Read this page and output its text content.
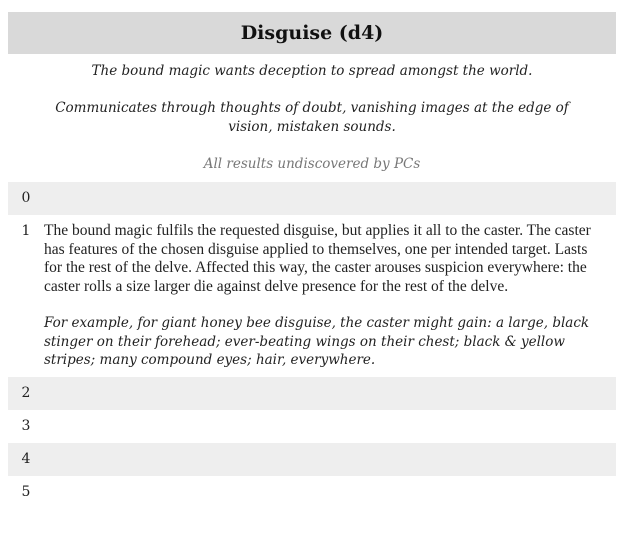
Disguise (d4)

The bound magic wants deception to spread amongst the world.

Communicates through thoughts of doubt, vanishing images at the edge of vision, mistaken sounds.

All results undiscovered by PCs

0
1 The bound magic fulfils the requested disguise, but applies it all to the caster. The caster has features of the chosen disguise applied to themselves, one per intended target. Lasts for the rest of the delve. Affected this way, the caster arouses suspicion everywhere: the caster rolls a size larger die against delve presence for the rest of the delve.

For example, for giant honey bee disguise, the caster might gain: a large, black stinger on their forehead; ever-beating wings on their chest; black & yellow stripes; many compound eyes; hair, everywhere.

2
3
4
5
